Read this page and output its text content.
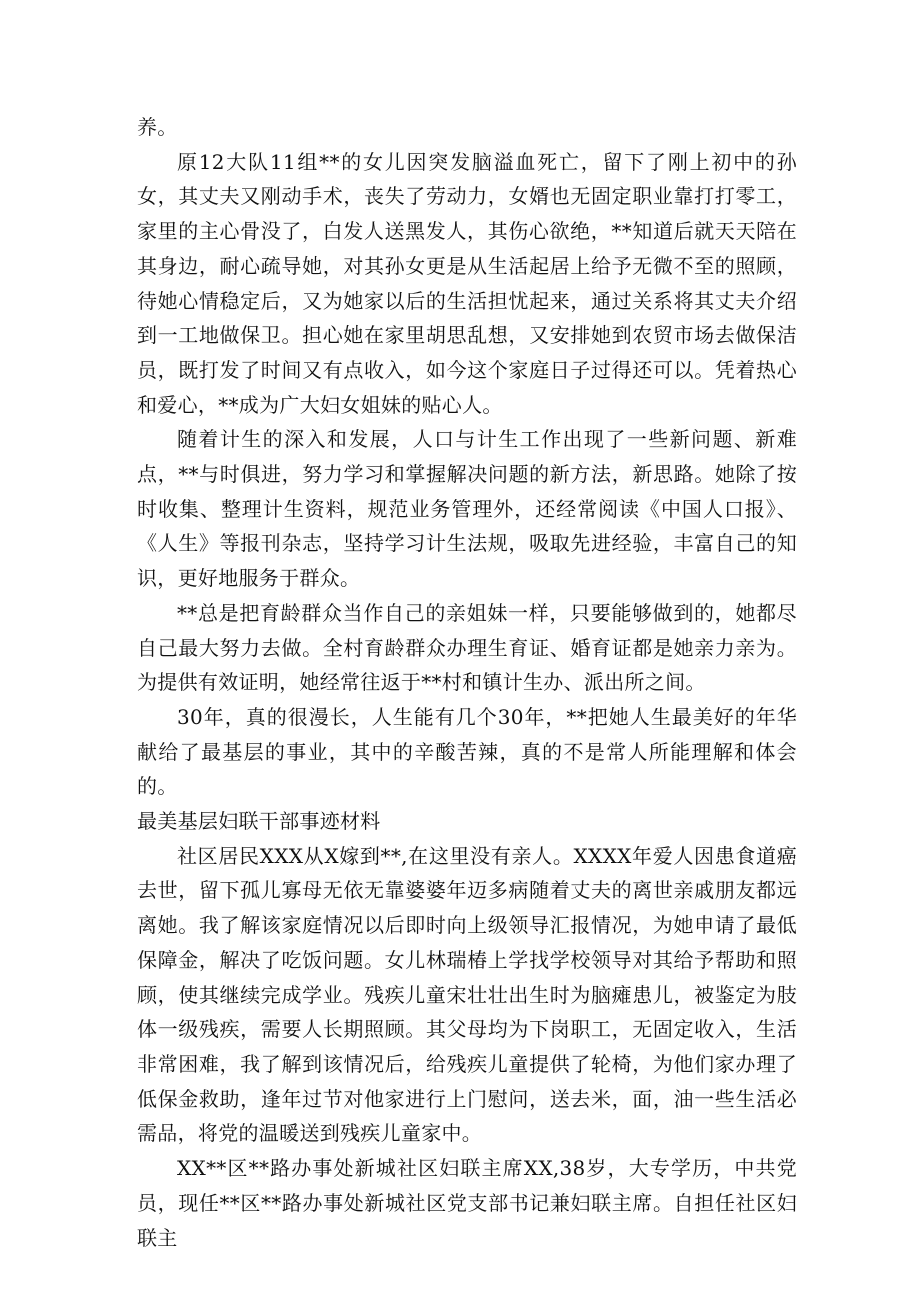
养。

原12大队11组**的女儿因突发脑溢血死亡，留下了刚上初中的孙女，其丈夫又刚动手术，丧失了劳动力，女婿也无固定职业靠打打零工，家里的主心骨没了，白发人送黑发人，其伤心欲绝，**知道后就天天陪在其身边，耐心疏导她，对其孙女更是从生活起居上给予无微不至的照顾，待她心情稳定后，又为她家以后的生活担忧起来，通过关系将其丈夫介绍到一工地做保卫。担心她在家里胡思乱想，又安排她到农贸市场去做保洁员，既打发了时间又有点收入，如今这个家庭日子过得还可以。凭着热心和爱心，**成为广大妇女姐妹的贴心人。

随着计生的深入和发展，人口与计生工作出现了一些新问题、新难点，**与时俱进，努力学习和掌握解决问题的新方法，新思路。她除了按时收集、整理计生资料，规范业务管理外，还经常阅读《中国人口报》、《人生》等报刊杂志，坚持学习计生法规，吸取先进经验，丰富自己的知识，更好地服务于群众。

**总是把育龄群众当作自己的亲姐妹一样，只要能够做到的，她都尽自己最大努力去做。全村育龄群众办理生育证、婚育证都是她亲力亲为。为提供有效证明，她经常往返于**村和镇计生办、派出所之间。

30年，真的很漫长，人生能有几个30年，**把她人生最美好的年华献给了最基层的事业，其中的辛酸苦辣，真的不是常人所能理解和体会的。

最美基层妇联干部事迹材料

社区居民XXX从X嫁到**,在这里没有亲人。XXXX年爱人因患食道癌去世，留下孤儿寡母无依无靠婆婆年迈多病随着丈夫的离世亲戚朋友都远离她。我了解该家庭情况以后即时向上级领导汇报情况，为她申请了最低保障金，解决了吃饭问题。女儿林瑞椿上学找学校领导对其给予帮助和照顾，使其继续完成学业。残疾儿童宋壮壮出生时为脑瘫患儿，被鉴定为肢体一级残疾，需要人长期照顾。其父母均为下岗职工，无固定收入，生活非常困难，我了解到该情况后，给残疾儿童提供了轮椅，为他们家办理了低保金救助，逢年过节对他家进行上门慰问，送去米，面，油一些生活必需品，将党的温暖送到残疾儿童家中。

XX**区**路办事处新城社区妇联主席XX,38岁，大专学历，中共党员，现任**区**路办事处新城社区党支部书记兼妇联主席。自担任社区妇联主
